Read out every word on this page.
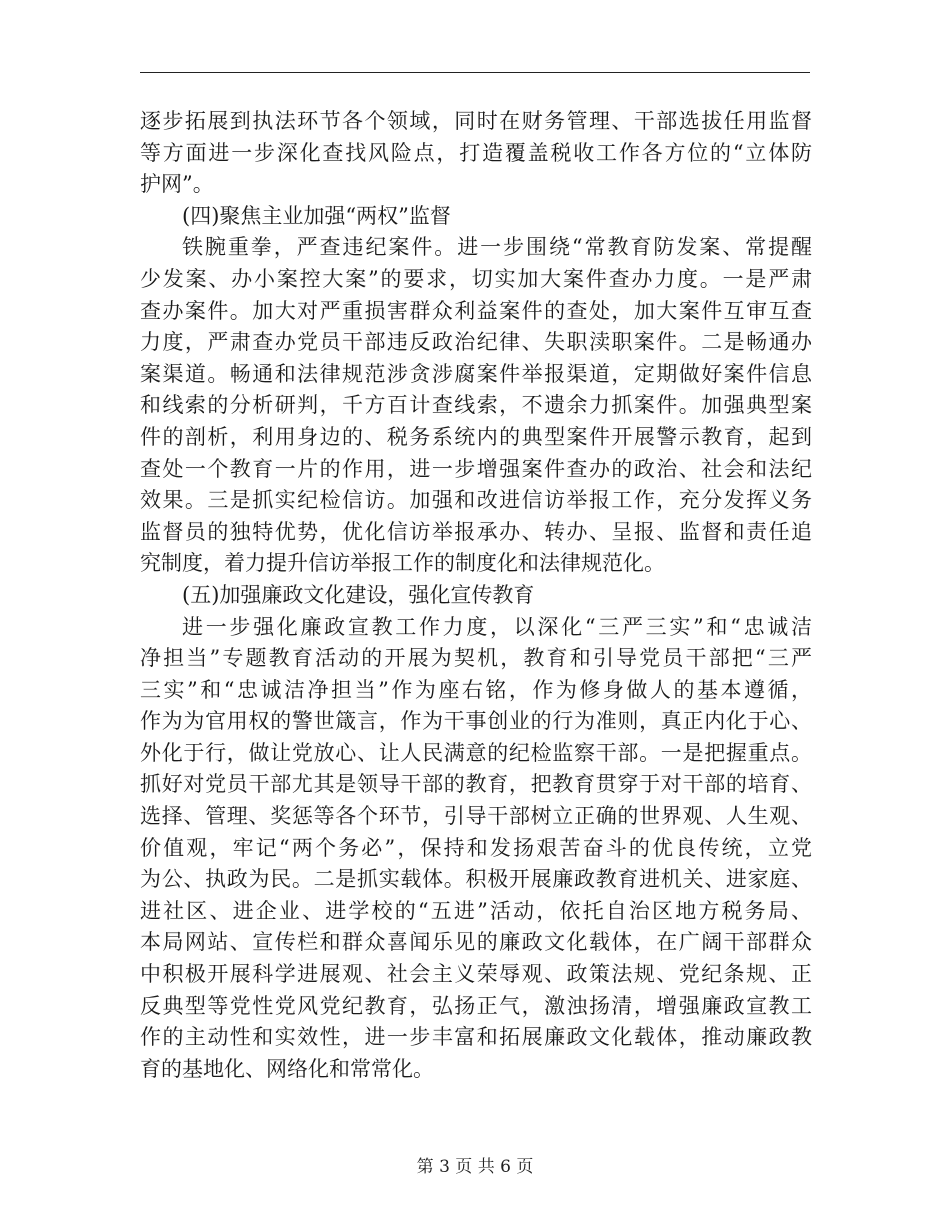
逐步拓展到执法环节各个领域，同时在财务管理、干部选拔任用监督
等方面进一步深化查找风险点，打造覆盖税收工作各方位的“立体防
护网”。
(四)聚焦主业加强“两权”监督
铁腕重拳，严查违纪案件。进一步围绕“常教育防发案、常提醒
少发案、办小案控大案”的要求，切实加大案件查办力度。一是严肃
查办案件。加大对严重损害群众利益案件的查处，加大案件互审互查
力度，严肃查办党员干部违反政治纪律、失职渎职案件。二是畅通办
案渠道。畅通和法律规范涉贪涉腐案件举报渠道，定期做好案件信息
和线索的分析研判，千方百计查线索，不遗余力抓案件。加强典型案
件的剖析，利用身边的、税务系统内的典型案件开展警示教育，起到
查处一个教育一片的作用，进一步增强案件查办的政治、社会和法纪
效果。三是抓实纪检信访。加强和改进信访举报工作，充分发挥义务
监督员的独特优势，优化信访举报承办、转办、呈报、监督和责任追
究制度，着力提升信访举报工作的制度化和法律规范化。
(五)加强廉政文化建设，强化宣传教育
进一步强化廉政宣教工作力度，以深化“三严三实”和“忠诚洁
净担当”专题教育活动的开展为契机，教育和引导党员干部把“三严
三实”和“忠诚洁净担当”作为座右铭，作为修身做人的基本遵循，
作为为官用权的警世箴言，作为干事创业的行为准则，真正内化于心、
外化于行，做让党放心、让人民满意的纪检监察干部。一是把握重点。
抓好对党员干部尤其是领导干部的教育，把教育贯穿于对干部的培育、
选择、管理、奖惩等各个环节，引导干部树立正确的世界观、人生观、
价值观，牢记“两个务必”，保持和发扬艰苦奋斗的优良传统，立党
为公、执政为民。二是抓实载体。积极开展廉政教育进机关、进家庭、
进社区、进企业、进学校的“五进”活动，依托自治区地方税务局、
本局网站、宣传栏和群众喜闻乐见的廉政文化载体，在广阔干部群众
中积极开展科学进展观、社会主义荣辱观、政策法规、党纪条规、正
反典型等党性党风党纪教育，弘扬正气，激浊扬清，增强廉政宣教工
作的主动性和实效性，进一步丰富和拓展廉政文化载体，推动廉政教
育的基地化、网络化和常常化。
第 3 页 共 6 页
